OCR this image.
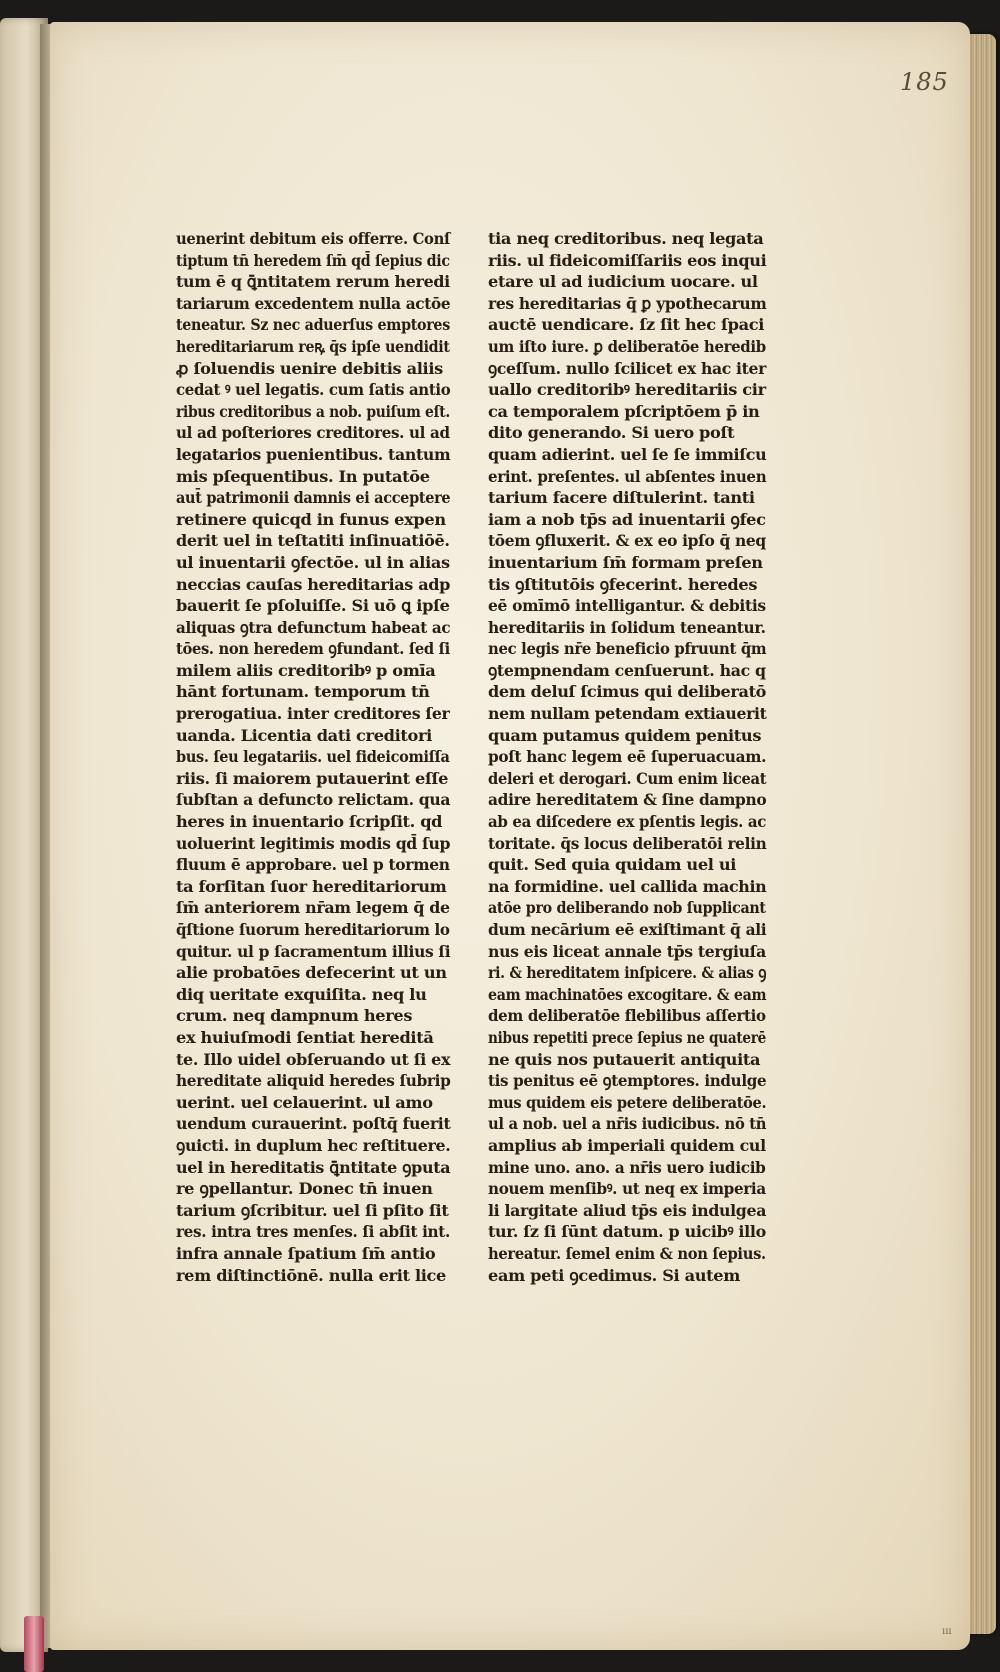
185
uenerint debitum eis offerre. Conſ
tiptum tn̄ heredem ſm̄ qd̄ ſepius dic
tum ē q ꝗ̄ntitatem rerum heredi
tariarum excedentem nulla actōe
teneatur. Sz nec aduerſus emptores
hereditariarum reꝶ q̄s ipſe uendidit
ꝓ ſoluendis uenire debitis aliis
cedat ꝰ uel legatis. cum ſatis antio
ribus creditoribus a nob. puiſum eſt.
ul ad poſteriores creditores. ul ad
legatarios puenientibus. tantum
mis pſequentibus. In putatōe
aut̄ patrimonii damnis ei acceptere
retinere quicqd in funus expen
derit uel in teſtatiti inſinuatiōē.
ul inuentarii ꝯfectōe. ul in alias
neccias cauſas hereditarias adp
bauerit ſe pſoluiſſe. Si uō ꝗ ipſe
aliquas ꝯtra defunctum habeat ac
tōes. non heredem ꝯfundant. ſed ſi
milem aliis creditoribꝰ p omīa
hānt fortunam. temporum tn̄
prerogatiua. inter creditores ſer
uanda. Licentia dati creditori
bus. ſeu legatariis. uel fideicomiſſa
riis. ſi maiorem putauerint eſſe
ſubſtan a defuncto relictam. qua
heres in inuentario ſcripſit. qd
uoluerint legitimis modis qd̄ ſup
fluum ē approbare. uel p tormen
ta forſitan ſuor hereditariorum
ſm̄ anteriorem nr̄am legem q̄ de
q̄ſtione ſuorum hereditariorum lo
quitur. ul p ſacramentum illius ſi
alie probatōes defecerint ut un
diq ueritate exquiſita. neq lu
crum. neq dampnum heres
ex huiuſmodi ſentiat hereditā
te. Illo uidel obſeruando ut ſi ex
hereditate aliquid heredes ſubrip
uerint. uel celauerint. ul amo
uendum curauerint. poſtq̄ fuerit
ꝯuicti. in duplum hec reſtituere.
uel in hereditatis ꝗ̄ntitate ꝯputa
re ꝯpellantur. Donec tn̄ inuen
tarium ꝯſcribitur. uel ſi pſito ſit
res. intra tres menſes. ſi abſit int.
infra annale ſpatium ſm̄ antio
rem diſtinctiōnē. nulla erit lice
tia neq creditoribus. neq legata
riis. ul fideicomiſſariis eos inqui
etare ul ad iudicium uocare. ul
res hereditarias q̄ ꝑ ypothecarum
auctē uendicare. ſz ſit hec ſpaci
um iſto iure. ꝑ deliberatōe heredib
ꝯceſſum. nullo ſcilicet ex hac iter
uallo creditoribꝰ hereditariis cir
ca temporalem pſcriptōem p̄ in
dito generando. Si uero poſt
quam adierint. uel ſe ſe immiſcu
erint. preſentes. ul abſentes inuen
tarium facere diſtulerint. tanti
iam a nob tp̄s ad inuentarii ꝯfec
tōem ꝯfluxerit. & ex eo ipſo q̄ neq
inuentarium ſm̄ formam preſen
tis ꝯſtitutōis ꝯfecerint. heredes
eē omīmō intelligantur. & debitis
hereditariis in ſolidum teneantur.
nec legis nr̄e beneficio pfruunt q̄m
ꝯtempnendam cenſuerunt. hac q
dem deluſ ſcimus qui deliberatō
nem nullam petendam extiauerit
quam putamus quidem penitus
poſt hanc legem eē ſuperuacuam.
deleri et derogari. Cum enim liceat
adire hereditatem & ſine dampno
ab ea diſcedere ex pſentis legis. ac
toritate. q̄s locus deliberatōi relin
quit. Sed quia quidam uel ui
na formidine. uel callida machin
atōe pro deliberando nob ſupplicant
dum necārium eē exiſtimant q̄ ali
nus eis liceat annale tp̄s tergiuſa
ri. & hereditatem inſpicere. & alias ꝯ
eam machinatōes excogitare. & eam
dem deliberatōe flebilibus aſſertio
nibus repetiti prece ſepius ne quaterē
ne quis nos putauerit antiquita
tis penitus eē ꝯtemptores. indulge
mus quidem eis petere deliberatōe.
ul a nob. uel a nr̄is iudicibus. nō tn̄
amplius ab imperiali quidem cul
mine uno. ano. a nr̄is uero iudicib
nouem menſibꝰ. ut neq ex imperia
li largitate aliud tp̄s eis indulgea
tur. ſz ſi ſūnt datum. p uicibꝰ illo
hereatur. ſemel enim & non ſepius.
eam peti ꝯcedimus. Si autem
ııı
